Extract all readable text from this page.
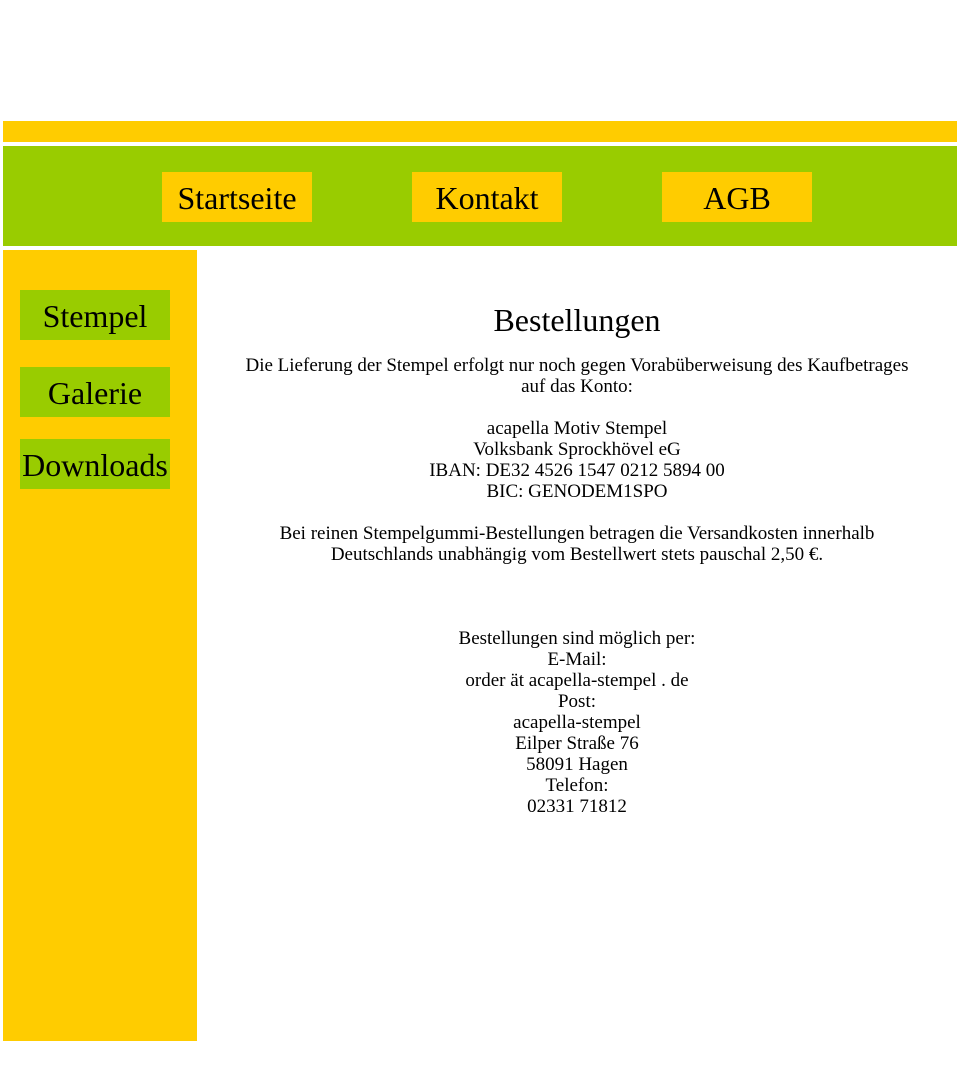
Startseite	Kontakt	AGB
Stempel
Galerie
Downloads
Bestellungen

Die Lieferung der Stempel erfolgt nur noch gegen Vorabüberweisung des Kaufbetrages
auf das Konto:

acapella Motiv Stempel
Volksbank Sprockhövel eG
IBAN: DE32 4526 1547 0212 5894 00
BIC: GENODEM1SPO

Bei reinen Stempelgummi-Bestellungen betragen die Versandkosten innerhalb
Deutschlands unabhängig vom Bestellwert stets pauschal 2,50 €.

Bestellungen sind möglich per:
E-Mail:
order ät acapella-stempel . de
Post:
acapella-stempel
Eilper Straße 76
58091 Hagen
Telefon:
02331 71812
